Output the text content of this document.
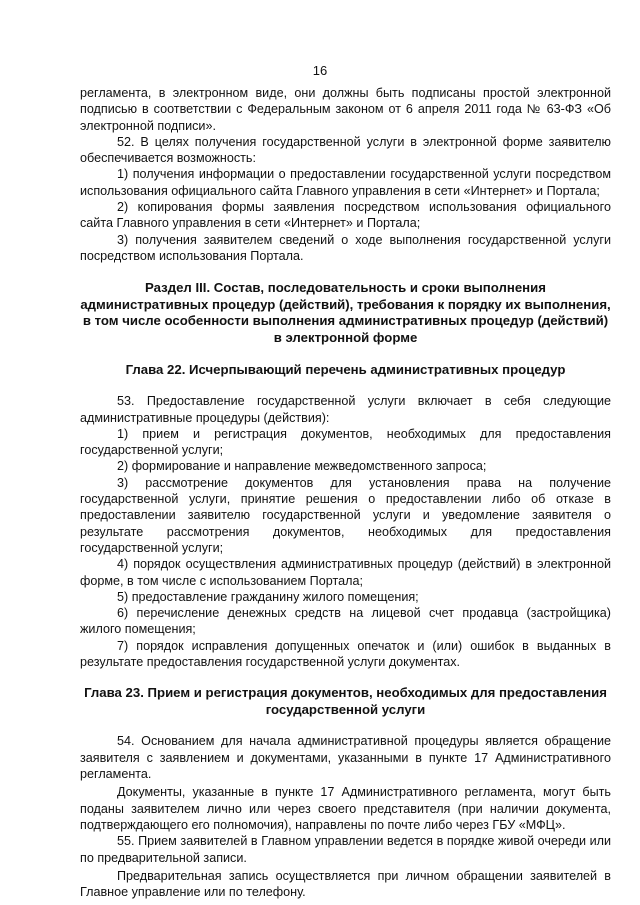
16

регламента, в электронном виде, они должны быть подписаны простой электронной подписью в соответствии с Федеральным законом от 6 апреля 2011 года № 63-ФЗ «Об электронной подписи».

52. В целях получения государственной услуги в электронной форме заявителю обеспечивается возможность:

1) получения информации о предоставлении государственной услуги посредством использования официального сайта Главного управления в сети «Интернет» и Портала;

2) копирования формы заявления посредством использования официального сайта Главного управления в сети «Интернет» и Портала;

3) получения заявителем сведений о ходе выполнения государственной услуги посредством использования Портала.

Раздел III. Состав, последовательность и сроки выполнения административных процедур (действий), требования к порядку их выполнения, в том числе особенности выполнения административных процедур (действий) в электронной форме
Глава 22. Исчерпывающий перечень административных процедур

53. Предоставление государственной услуги включает в себя следующие административные процедуры (действия):

1) прием и регистрация документов, необходимых для предоставления государственной услуги;

2) формирование и направление межведомственного запроса;

3) рассмотрение документов для установления права на получение государственной услуги, принятие решения о предоставлении либо об отказе в предоставлении заявителю государственной услуги и уведомление заявителя о результате рассмотрения документов, необходимых для предоставления государственной услуги;

4) порядок осуществления административных процедур (действий) в электронной форме, в том числе с использованием Портала;

5) предоставление гражданину жилого помещения;

6) перечисление денежных средств на лицевой счет продавца (застройщика) жилого помещения;

7) порядок исправления допущенных опечаток и (или) ошибок в выданных в результате предоставления государственной услуги документах.

Глава 23. Прием и регистрация документов, необходимых для предоставления государственной услуги

54. Основанием для начала административной процедуры является обращение заявителя с заявлением и документами, указанными в пункте 17 Административного регламента.

Документы, указанные в пункте 17 Административного регламента, могут быть поданы заявителем лично или через своего представителя (при наличии документа, подтверждающего его полномочия), направлены по почте либо через ГБУ «МФЦ».

55. Прием заявителей в Главном управлении ведется в порядке живой очереди или по предварительной записи.

Предварительная запись осуществляется при личном обращении заявителей в Главное управление или по телефону.
